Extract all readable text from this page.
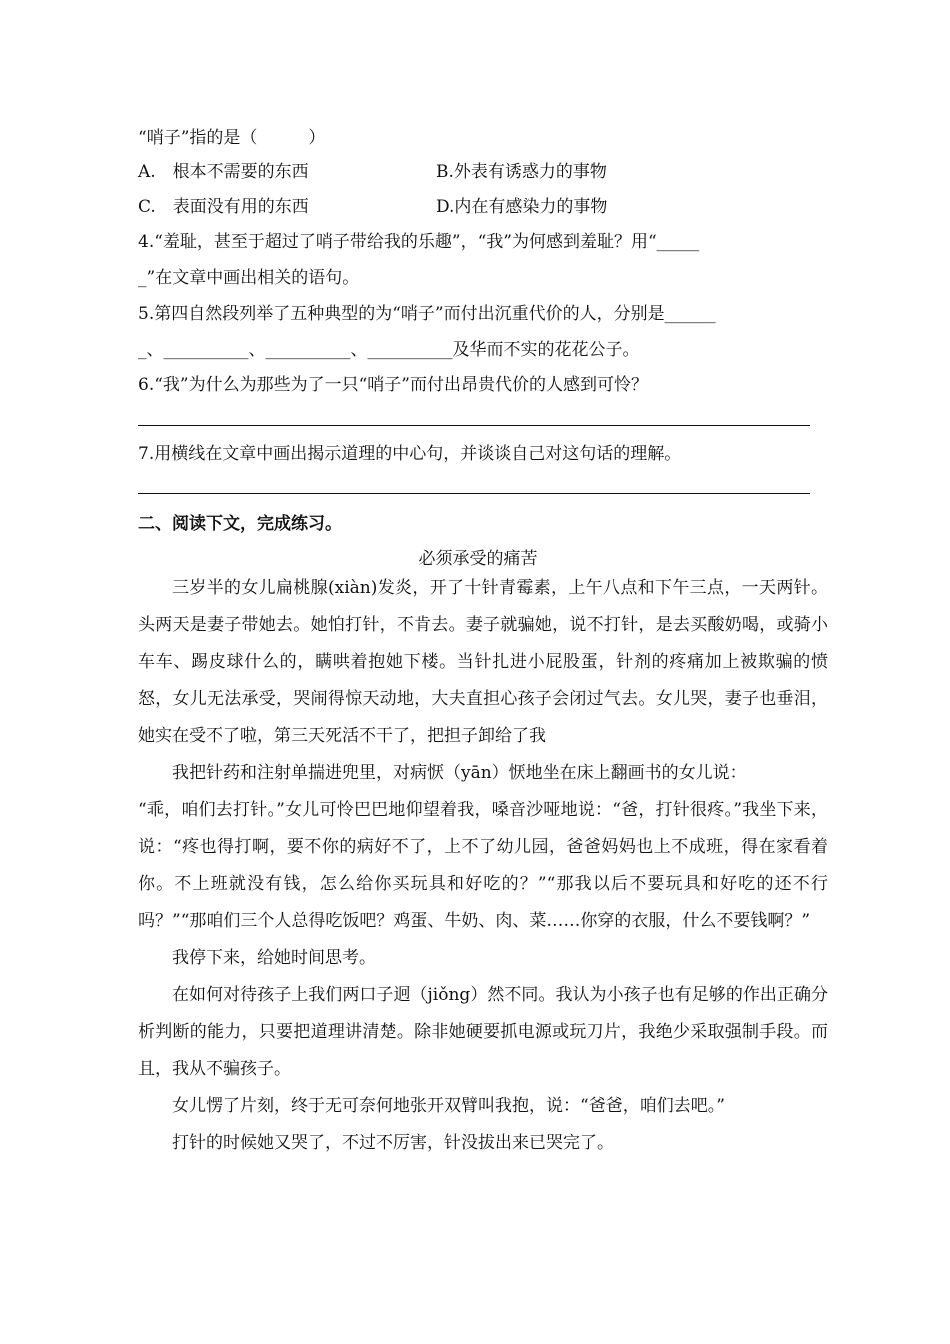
“哨子”指的是（　　　）
A.　根本不需要的东西	B.外表有诱惑力的事物
C.　表面没有用的东西	D.内在有感染力的事物
4.“羞耻，甚至于超过了哨子带给我的乐趣”，“我”为何感到羞耻？用“_____
_”在文章中画出相关的语句。
5.第四自然段列举了五种典型的为“哨子”而付出沉重代价的人，分别是______
_、__________、__________、__________及华而不实的花花公子。
6.“我”为什么为那些为了一只“哨子”而付出昂贵代价的人感到可怜？
7.用横线在文章中画出揭示道理的中心句，并谈谈自己对这句话的理解。
二、阅读下文，完成练习。
必须承受的痛苦

三岁半的女儿扁桃腺(xiàn)发炎，开了十针青霉素，上午八点和下午三点，一天两针。头两天是妻子带她去。她怕打针，不肯去。妻子就骗她，说不打针，是去买酸奶喝，或骑小车车、踢皮球什么的，瞒哄着抱她下楼。当针扎进小屁股蛋，针剂的疼痛加上被欺骗的愤怒，女儿无法承受，哭闹得惊天动地，大夫直担心孩子会闭过气去。女儿哭，妻子也垂泪，她实在受不了啦，第三天死活不干了，把担子卸给了我

我把针药和注射单揣进兜里，对病恹（yān）恹地坐在床上翻画书的女儿说：

“乖，咱们去打针。”女儿可怜巴巴地仰望着我，嗓音沙哑地说：“爸，打针很疼。”我坐下来，说：“疼也得打啊，要不你的病好不了，上不了幼儿园，爸爸妈妈也上不成班，得在家看着你。不上班就没有钱，怎么给你买玩具和好吃的？”“那我以后不要玩具和好吃的还不行吗？”“那咱们三个人总得吃饭吧？鸡蛋、牛奶、肉、菜……你穿的衣服，什么不要钱啊？”

我停下来，给她时间思考。

在如何对待孩子上我们两口子迥（jiǒng）然不同。我认为小孩子也有足够的作出正确分析判断的能力，只要把道理讲清楚。除非她硬要抓电源或玩刀片，我绝少采取强制手段。而且，我从不骗孩子。

女儿愣了片刻，终于无可奈何地张开双臂叫我抱，说：“爸爸，咱们去吧。”

打针的时候她又哭了，不过不厉害，针没拔出来已哭完了。
